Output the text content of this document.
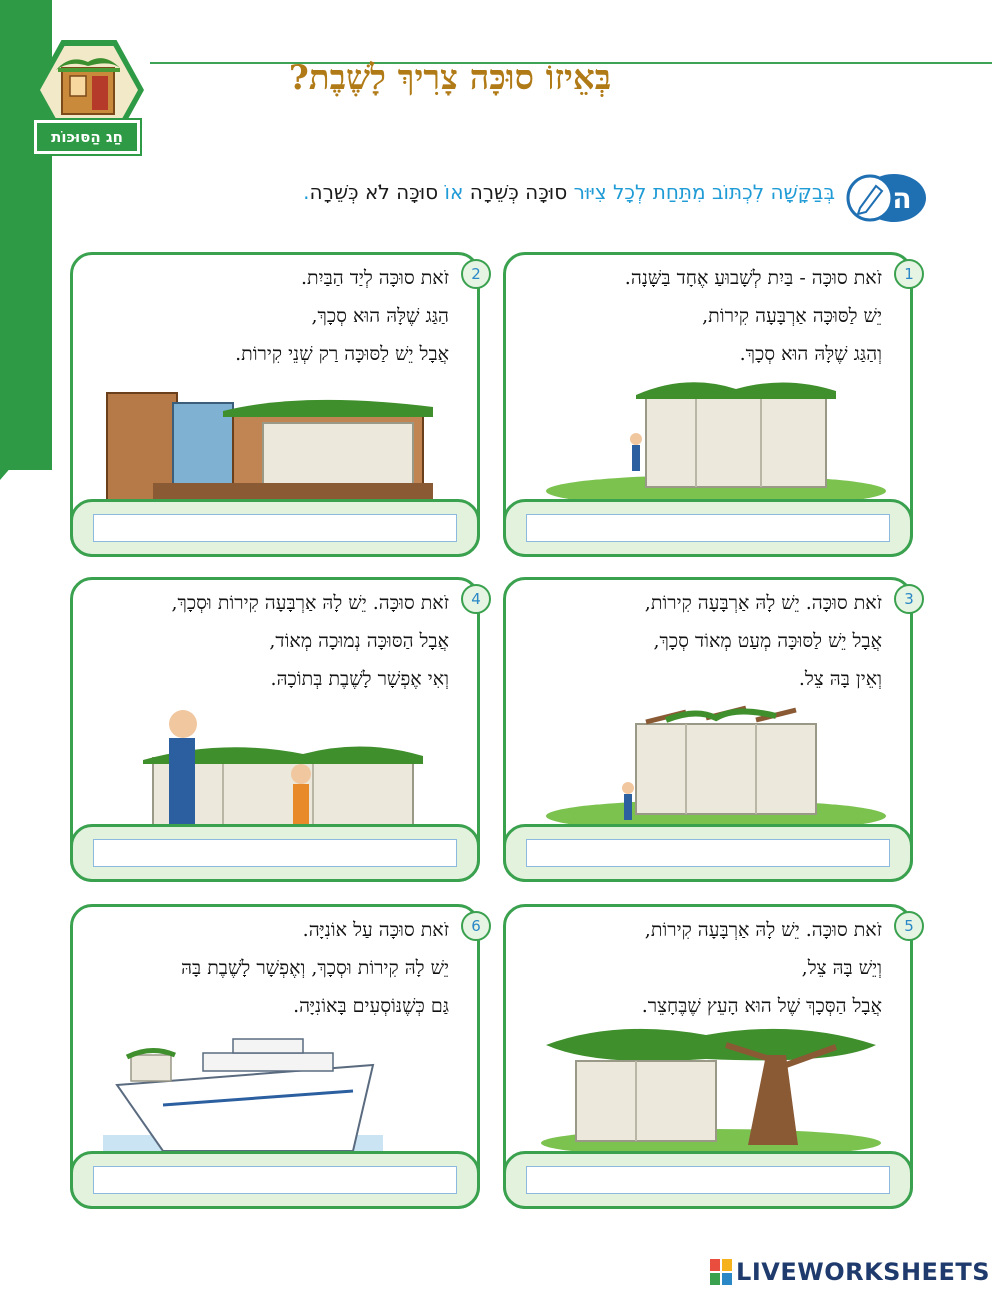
חַג הַסּוּכּוֹת
בְּאֵיזוֹ סוּכָּה צָרִיךְ לָשֶׁבֶת?
ה
בְּבַקָּשָׁה לִכְתּוֹב מִתַּחַת לְכָל צִיּוּר סוּכָּה כְּשֵׁרָה אוֹ סוּכָּה לֹא כְּשֵׁרָה.
1
זֹאת סוּכָּה - בַּיִת לְשָׁבוּעַ אֶחָד בַּשָּׁנָה.
יֵשׁ לַסּוּכָּה אַרְבָּעָה קִירוֹת,
וְהַגַּג שֶׁלָּהּ הוּא סְכָךְ.
2
זֹאת סוּכָּה לְיַד הַבַּיִת.
הַגַּג שֶׁלָּהּ הוּא סְכָךְ,
אֲבָל יֵשׁ לַסּוּכָּה רַק שְׁנֵי קִירוֹת.
3
זֹאת סוּכָּה. יֵשׁ לָהּ אַרְבָּעָה קִירוֹת,
אֲבָל יֵשׁ לַסּוּכָּה מְעַט מְאוֹד סְכָךְ,
וְאֵין בָּהּ צֵל.
4
זֹאת סוּכָּה. יֵשׁ לָהּ אַרְבָּעָה קִירוֹת וּסְכָךְ,
אֲבָל הַסּוּכָּה נְמוּכָה מְאוֹד,
וְאִי אֶפְשָׁר לָשֶׁבֶת בְּתוֹכָהּ.
5
זֹאת סוּכָּה. יֵשׁ לָהּ אַרְבָּעָה קִירוֹת,
וְיֵשׁ בָּהּ צֵל,
אֲבָל הַסְּכָךְ שֶׁל הוּא הָעֵץ שֶׁבֶּחָצֵר.
6
זֹאת סוּכָּה עַל אוֹנִיָּה.
יֵשׁ לָהּ קִירוֹת וּסְכָךְ, וְאֶפְשָׁר לָשֶׁבֶת בָּהּ
גַּם כְּשֶׁנּוֹסְעִים בָּאוֹנִיָּה.
LIVEWORKSHEETS
